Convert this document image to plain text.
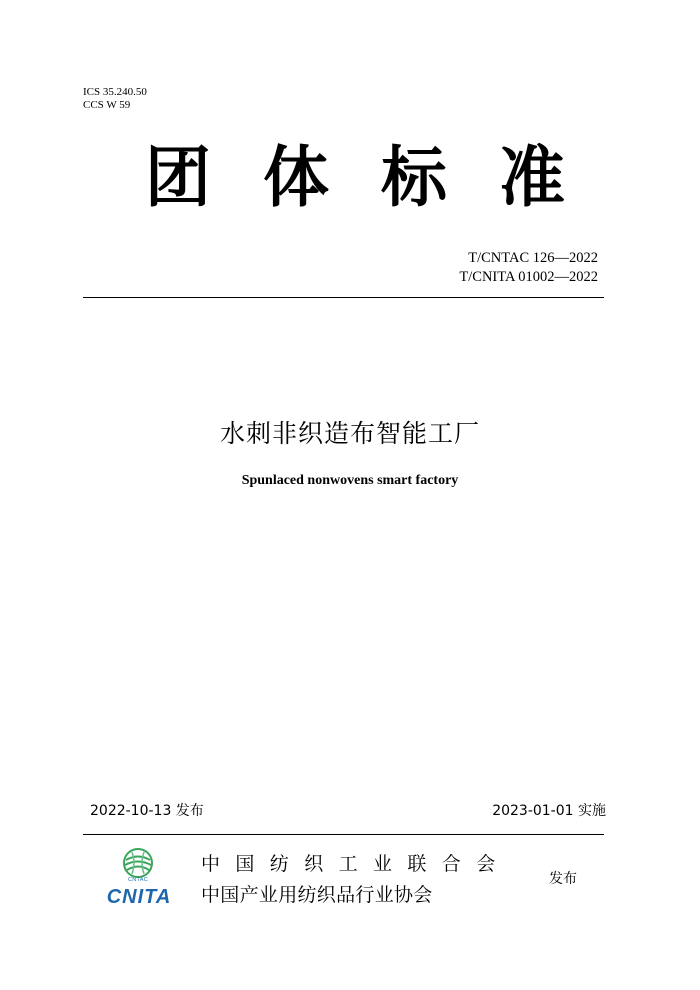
ICS 35.240.50
CCS W 59
团 体 标 准
T/CNTAC 126—2022
T/CNITA 01002—2022
水刺非织造布智能工厂
Spunlaced nonwovens smart factory
2022-10-13 发布	2023-01-01 实施
CNTAC
CNITA
中国纺织工业联合会
中国产业用纺织品行业协会
发布
